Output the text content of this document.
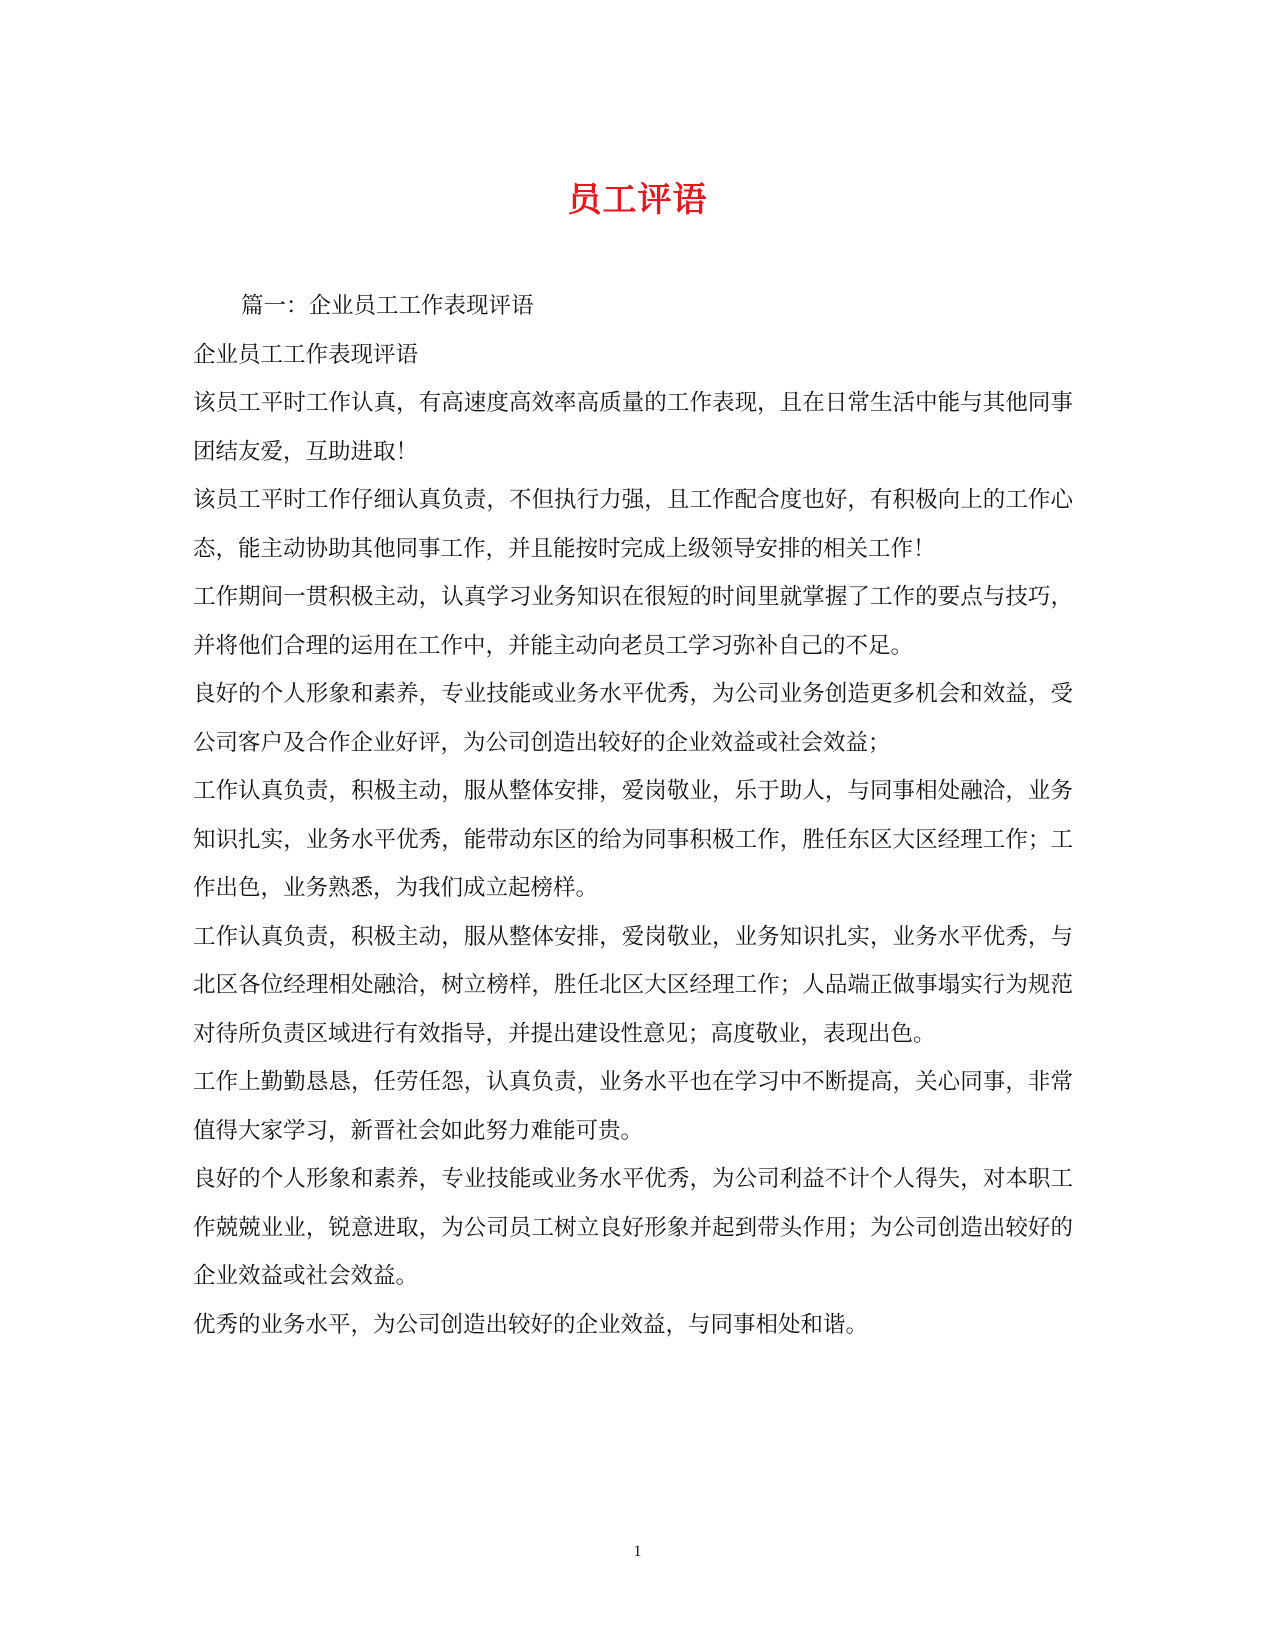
员工评语

篇一：企业员工工作表现评语

企业员工工作表现评语

该员工平时工作认真，有高速度高效率高质量的工作表现，且在日常生活中能与其他同事团结友爱，互助进取！

该员工平时工作仔细认真负责，不但执行力强，且工作配合度也好，有积极向上的工作心态，能主动协助其他同事工作，并且能按时完成上级领导安排的相关工作！

工作期间一贯积极主动，认真学习业务知识在很短的时间里就掌握了工作的要点与技巧，并将他们合理的运用在工作中，并能主动向老员工学习弥补自己的不足。

良好的个人形象和素养，专业技能或业务水平优秀，为公司业务创造更多机会和效益，受公司客户及合作企业好评，为公司创造出较好的企业效益或社会效益；

工作认真负责，积极主动，服从整体安排，爱岗敬业，乐于助人，与同事相处融洽，业务知识扎实，业务水平优秀，能带动东区的给为同事积极工作，胜任东区大区经理工作；工作出色，业务熟悉，为我们成立起榜样。

工作认真负责，积极主动，服从整体安排，爱岗敬业，业务知识扎实，业务水平优秀，与北区各位经理相处融洽，树立榜样，胜任北区大区经理工作；人品端正做事塌实行为规范对待所负责区域进行有效指导，并提出建设性意见；高度敬业，表现出色。

工作上勤勤恳恳，任劳任怨，认真负责，业务水平也在学习中不断提高，关心同事，非常值得大家学习，新晋社会如此努力难能可贵。

良好的个人形象和素养，专业技能或业务水平优秀，为公司利益不计个人得失，对本职工作兢兢业业，锐意进取，为公司员工树立良好形象并起到带头作用；为公司创造出较好的企业效益或社会效益。

优秀的业务水平，为公司创造出较好的企业效益，与同事相处和谐。

1
